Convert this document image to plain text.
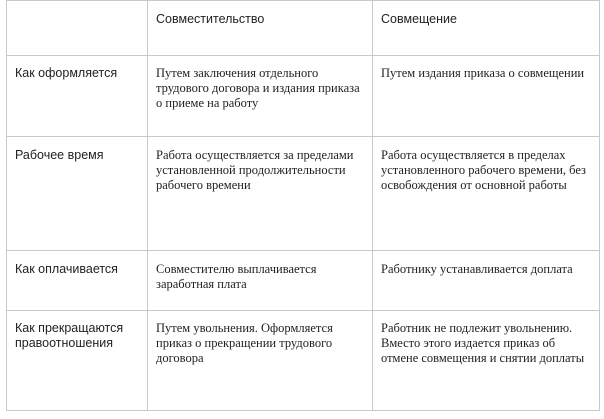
	Совместительство	Совмещение
Как оформляется	Путем заключения отдельного трудового договора и издания приказа о приеме на работу	Путем издания приказа о совмещении
Рабочее время	Работа осуществляется за пределами установленной продолжительности рабочего времени	Работа осуществляется в пределах установленного рабочего времени, без освобождения от основной работы
Как оплачивается	Совместителю выплачивается заработная плата	Работнику устанавливается доплата
Как прекращаются правоотношения	Путем увольнения. Оформляется приказ о прекращении трудового договора	Работник не подлежит увольнению. Вместо этого издается приказ об отмене совмещения и снятии доплаты
